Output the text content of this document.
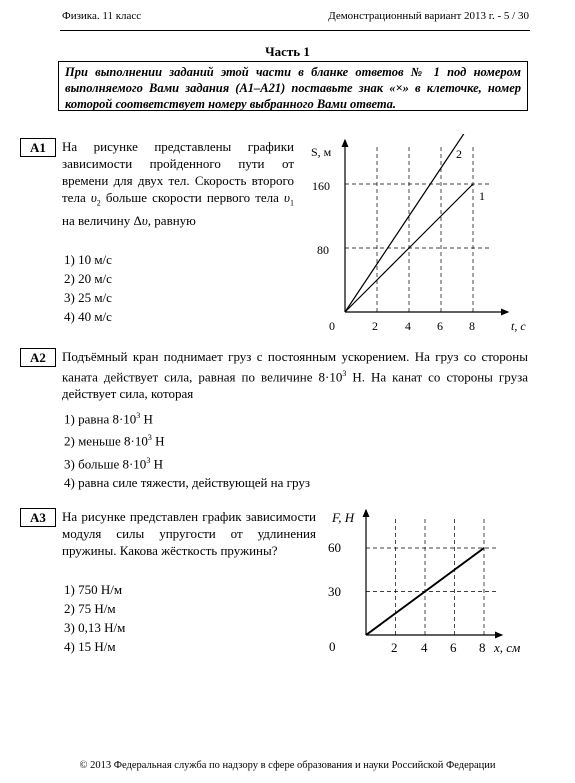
Физика. 11 класс	Демонстрационный вариант 2013 г. - 5 / 30
Часть 1
При выполнении заданий этой части в бланке ответов № 1 под номером выполняемого Вами задания (А1–А21) поставьте знак «×» в клеточке, номер которой соответствует номеру выбранного Вами ответа.
А1	На рисунке представлены графики зависимости пройденного пути от времени для двух тел. Скорость второго тела $\upsilon_2$ больше скорости первого тела $\upsilon_1$ на величину Δυ, равную
1) 10 м/с
2) 20 м/с
3) 25 м/с
4) 40 м/с
S, м
t, с
0
160
80
2 4 6 8
2
1
А2	Подъёмный кран поднимает груз с постоянным ускорением. На груз со стороны каната действует сила, равная по величине $8\cdot 10^3$ Н. На канат со стороны груза действует сила, которая
1) равна $8\cdot 10^3$ Н
2) меньше $8\cdot 10^3$ Н
3) больше $8\cdot 10^3$ Н
4) равна силе тяжести, действующей на груз
А3	На рисунке представлен график зависимости модуля силы упругости от удлинения пружины. Какова жёсткость пружины?
1) 750 Н/м
2) 75 Н/м
3) 0,13 Н/м
4) 15 Н/м
F, Н
x, см
0
60
30
2 4 6 8
© 2013 Федеральная служба по надзору в сфере образования и науки Российской Федерации
